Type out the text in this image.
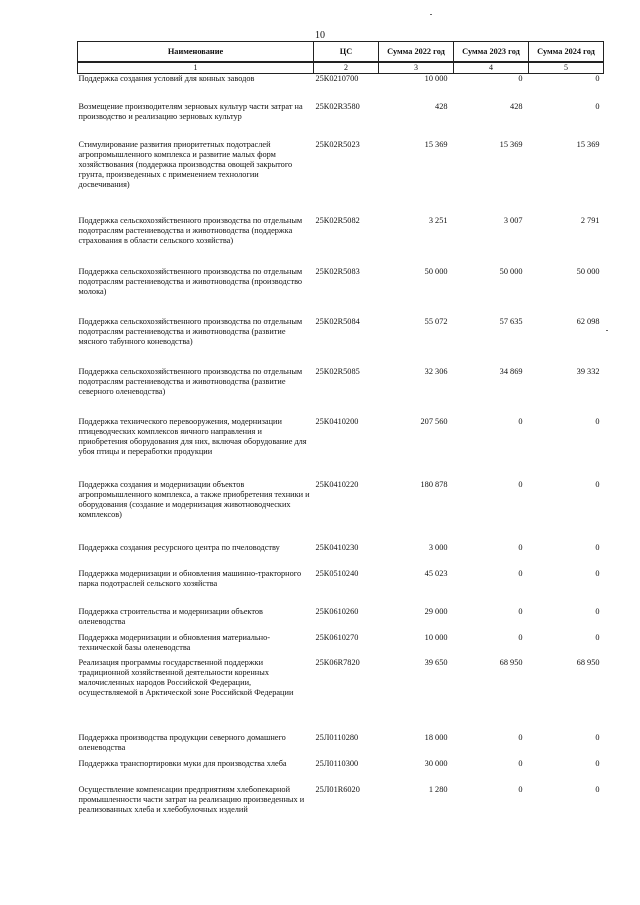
10
Наименование	ЦС	Сумма 2022 год	Сумма 2023 год	Сумма 2024 год
1	2	3	4	5
Поддержка создания условий для конных заводов	25К0210700	10 000	0	0
Возмещение производителям зерновых культур части затрат на производство и реализацию зерновых культур	25К02R3580	428	428	0
Стимулирование развития приоритетных подотраслей агропромышленного комплекса и развитие малых форм хозяйствования (поддержка производства овощей закрытого грунта, произведенных с применением технологии досвечивания)	25К02R5023	15 369	15 369	15 369
Поддержка сельскохозяйственного производства по отдельным подотраслям растениеводства и животноводства (поддержка страхования в области сельского хозяйства)	25К02R5082	3 251	3 007	2 791
Поддержка сельскохозяйственного производства по отдельным подотраслям растениеводства и животноводства (производство молока)	25К02R5083	50 000	50 000	50 000
Поддержка сельскохозяйственного производства по отдельным подотраслям растениеводства и животноводства (развитие мясного табунного коневодства)	25К02R5084	55 072	57 635	62 098
Поддержка сельскохозяйственного производства по отдельным подотраслям растениеводства и животноводства (развитие северного оленеводства)	25К02R5085	32 306	34 869	39 332
Поддержка технического перевооружения, модернизации птицеводческих комплексов яичного направления и приобретения оборудования для них, включая оборудование для убоя птицы и переработки продукции	25К0410200	207 560	0	0
Поддержка создания и модернизации объектов агропромышленного комплекса, а также приобретения техники и оборудования (создание и модернизация животноводческих комплексов)	25К0410220	180 878	0	0
Поддержка создания ресурсного центра по пчеловодству	25К0410230	3 000	0	0
Поддержка модернизации и обновления машинно-тракторного парка подотраслей сельского хозяйства	25К0510240	45 023	0	0
Поддержка строительства и модернизации объектов оленеводства	25К0610260	29 000	0	0
Поддержка модернизации и обновления материально-технической базы оленеводства	25К0610270	10 000	0	0
Реализация программы государственной поддержки традиционной хозяйственной деятельности коренных малочисленных народов Российской Федерации, осуществляемой в Арктической зоне Российской Федерации	25К06R7820	39 650	68 950	68 950
Поддержка производства продукции северного домашнего оленеводства	25Л0110280	18 000	0	0
Поддержка транспортировки муки для производства хлеба	25Л0110300	30 000	0	0
Осуществление компенсации предприятиям хлебопекарной промышленности части затрат на реализацию произведенных и реализованных хлеба и хлебобулочных изделий	25Л01R6020	1 280	0	0
